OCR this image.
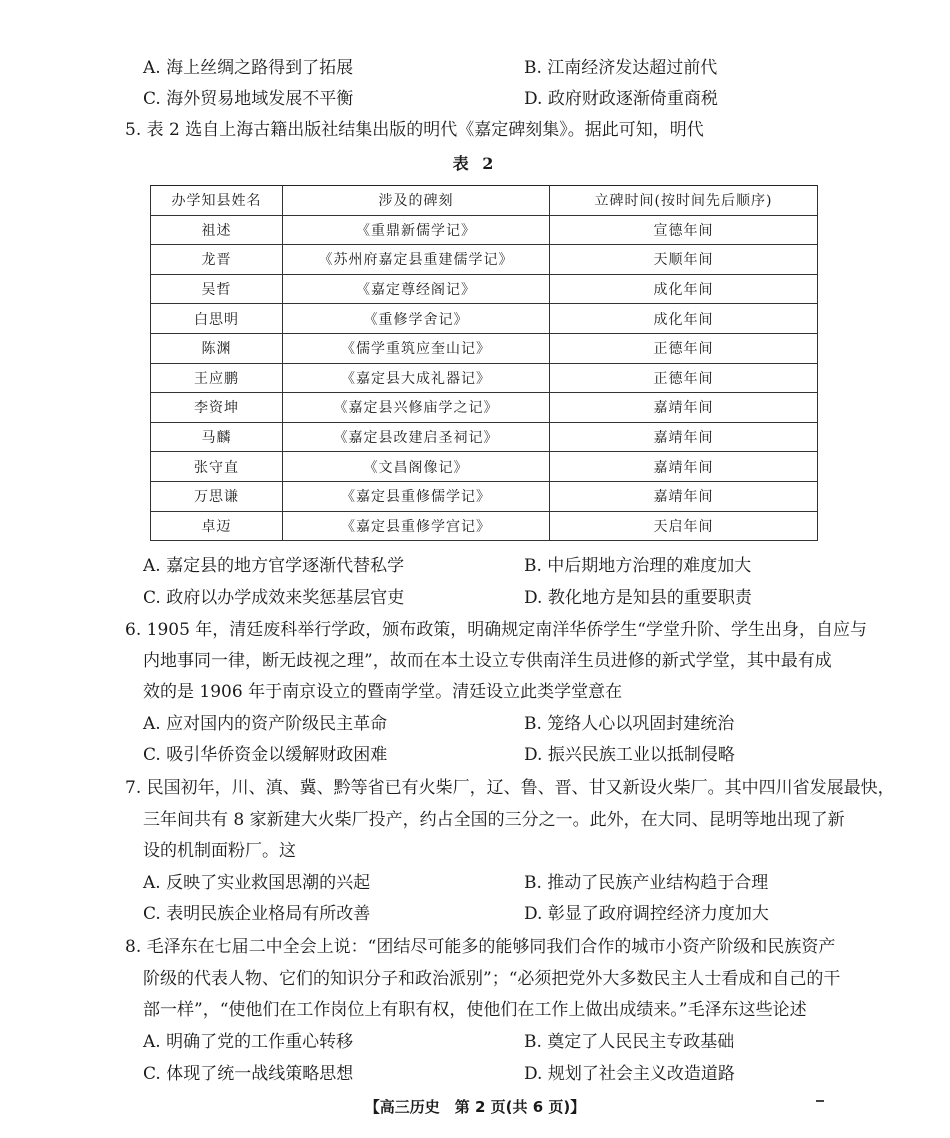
A. 海上丝绸之路得到了拓展	B. 江南经济发达超过前代
C. 海外贸易地域发展不平衡	D. 政府财政逐渐倚重商税
5. 表 2 选自上海古籍出版社结集出版的明代《嘉定碑刻集》。据此可知，明代
表 2
办学知县姓名	涉及的碑刻	立碑时间(按时间先后顺序)
祖述	《重鼎新儒学记》	宣德年间
龙晋	《苏州府嘉定县重建儒学记》	天顺年间
吴哲	《嘉定尊经阁记》	成化年间
白思明	《重修学舍记》	成化年间
陈渊	《儒学重筑应奎山记》	正德年间
王应鹏	《嘉定县大成礼器记》	正德年间
李资坤	《嘉定县兴修庙学之记》	嘉靖年间
马麟	《嘉定县改建启圣祠记》	嘉靖年间
张守直	《文昌阁像记》	嘉靖年间
万思谦	《嘉定县重修儒学记》	嘉靖年间
卓迈	《嘉定县重修学宫记》	天启年间
A. 嘉定县的地方官学逐渐代替私学	B. 中后期地方治理的难度加大
C. 政府以办学成效来奖惩基层官吏	D. 教化地方是知县的重要职责
6. 1905 年，清廷废科举行学政，颁布政策，明确规定南洋华侨学生“学堂升阶、学生出身，自应与
内地事同一律，断无歧视之理”，故而在本土设立专供南洋生员进修的新式学堂，其中最有成
效的是 1906 年于南京设立的暨南学堂。清廷设立此类学堂意在
A. 应对国内的资产阶级民主革命	B. 笼络人心以巩固封建统治
C. 吸引华侨资金以缓解财政困难	D. 振兴民族工业以抵制侵略
7. 民国初年，川、滇、冀、黔等省已有火柴厂，辽、鲁、晋、甘又新设火柴厂。其中四川省发展最快，
三年间共有 8 家新建大火柴厂投产，约占全国的三分之一。此外，在大同、昆明等地出现了新
设的机制面粉厂。这
A. 反映了实业救国思潮的兴起	B. 推动了民族产业结构趋于合理
C. 表明民族企业格局有所改善	D. 彰显了政府调控经济力度加大
8. 毛泽东在七届二中全会上说：“团结尽可能多的能够同我们合作的城市小资产阶级和民族资产
阶级的代表人物、它们的知识分子和政治派别”；“必须把党外大多数民主人士看成和自己的干
部一样”，“使他们在工作岗位上有职有权，使他们在工作上做出成绩来。”毛泽东这些论述
A. 明确了党的工作重心转移	B. 奠定了人民民主专政基础
C. 体现了统一战线策略思想	D. 规划了社会主义改造道路
【高三历史　第 2 页(共 6 页)】
